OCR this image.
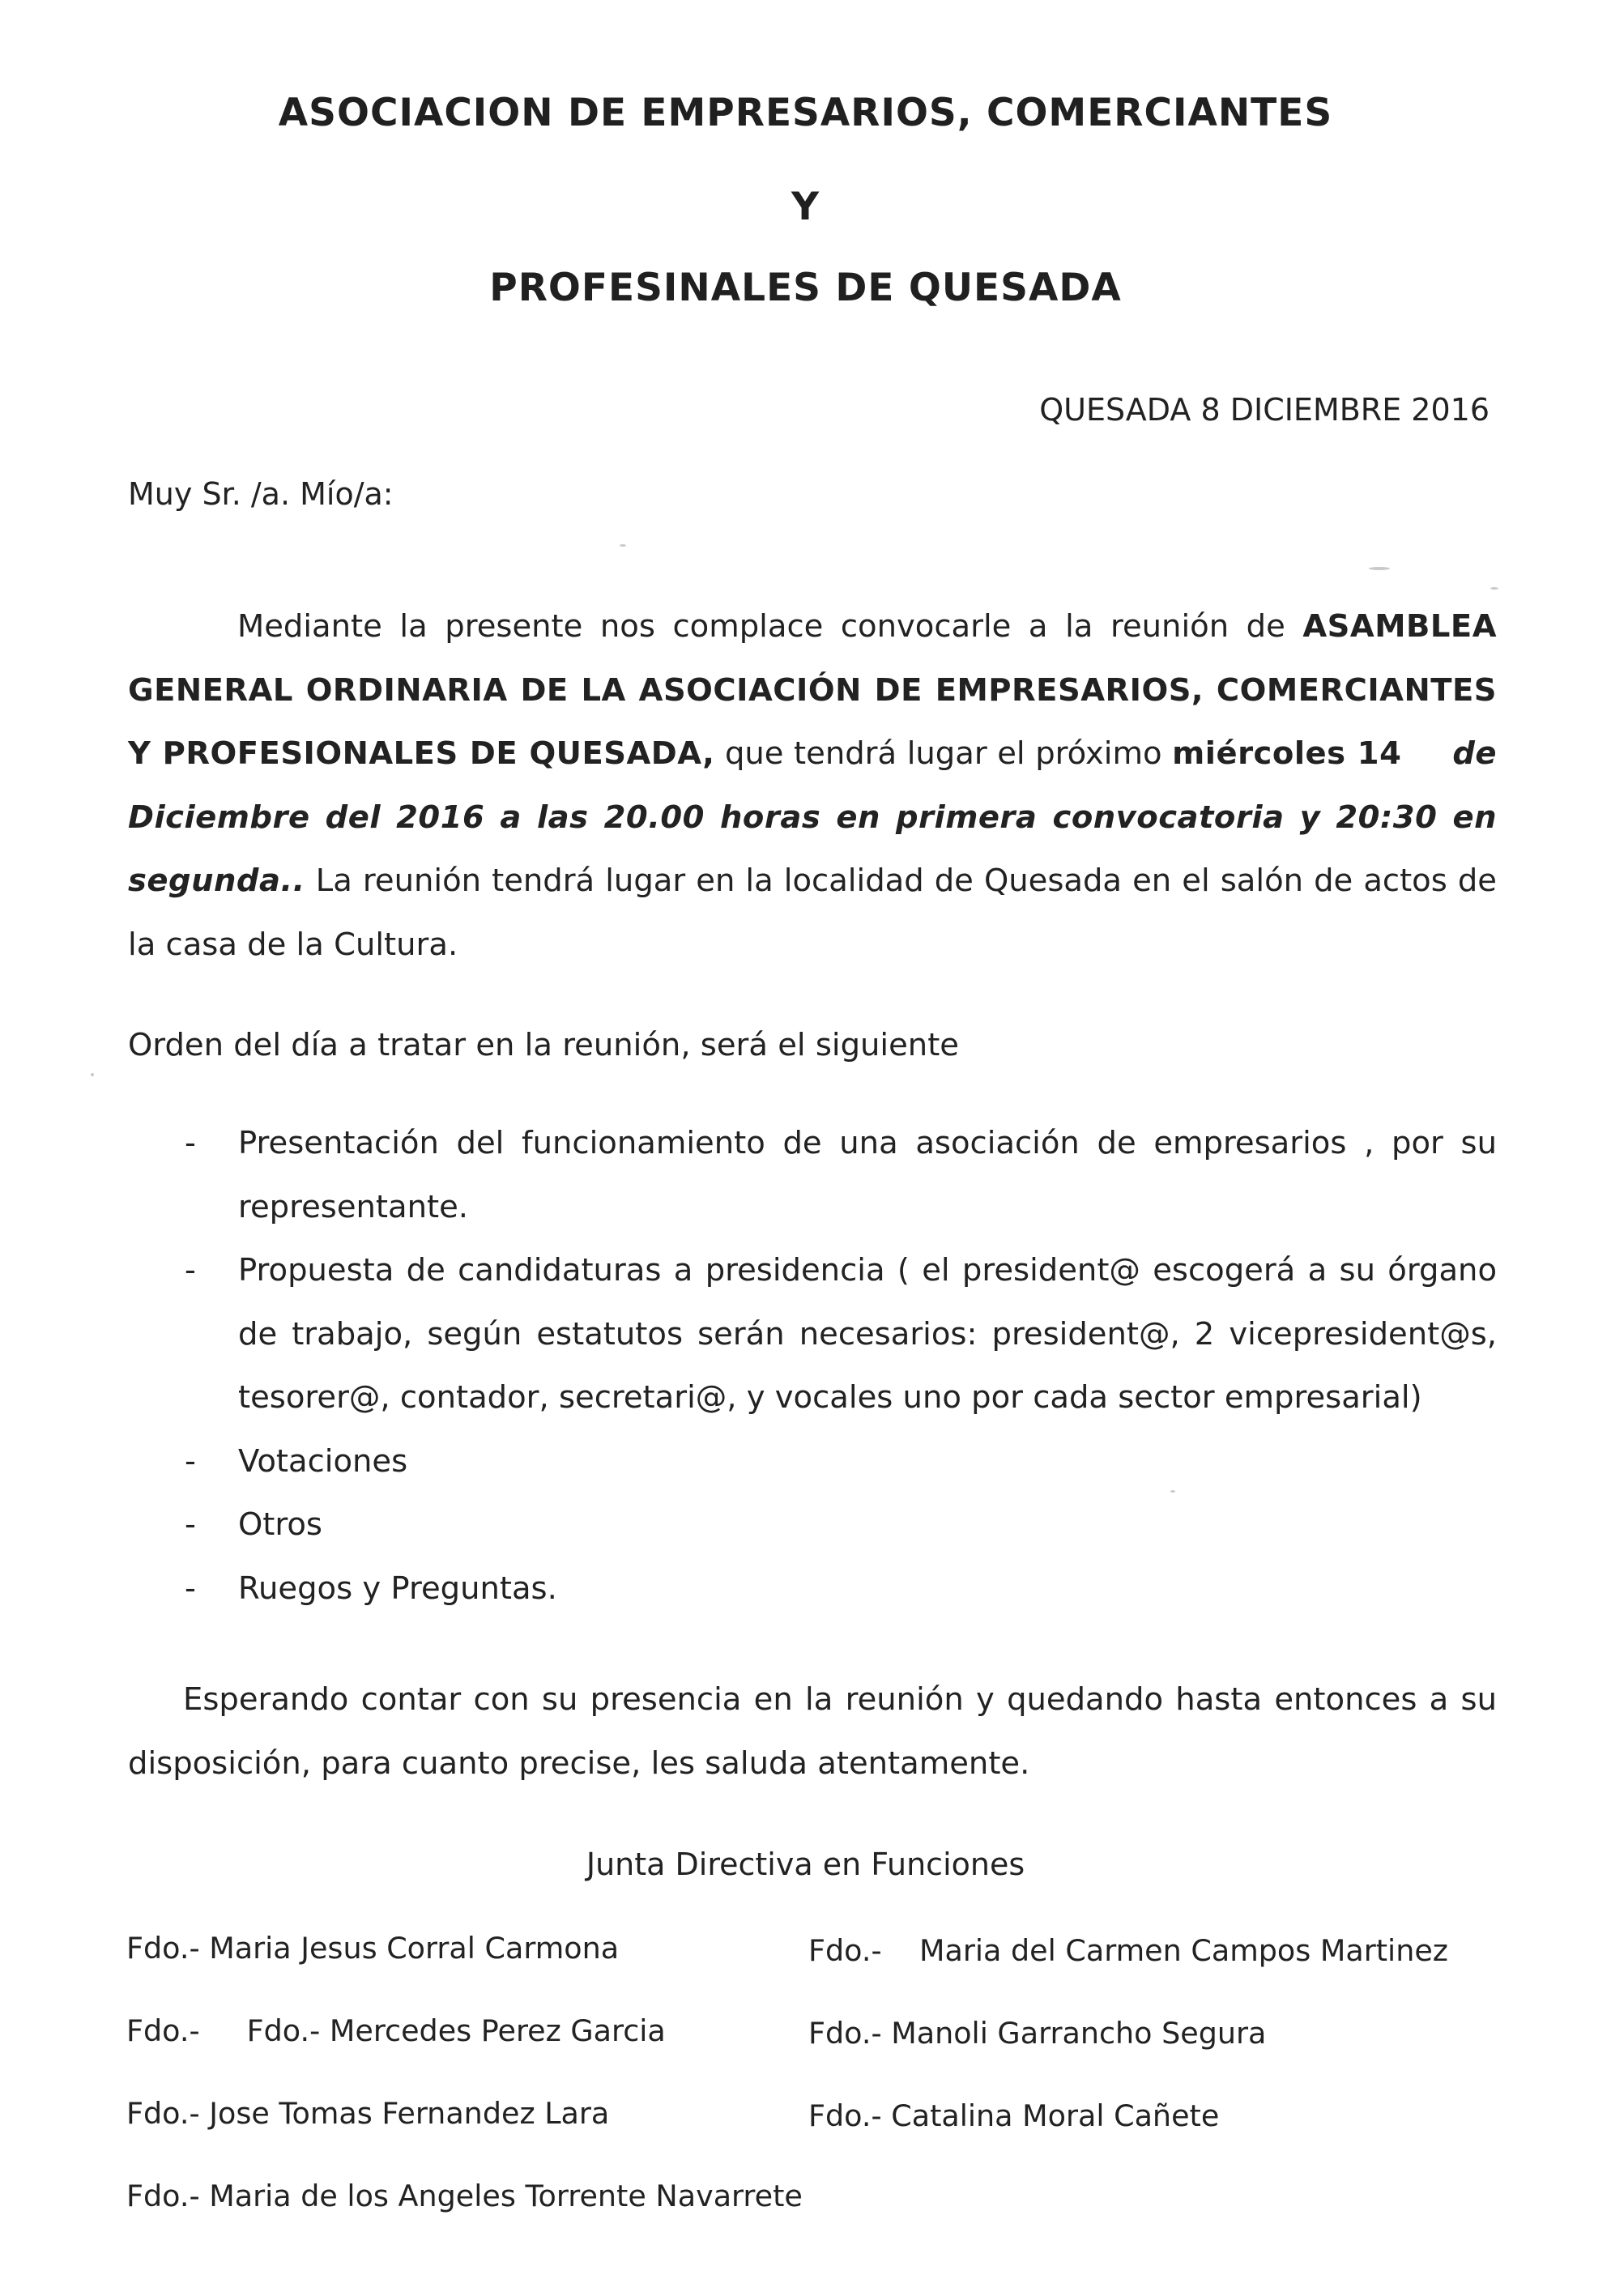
ASOCIACION DE EMPRESARIOS, COMERCIANTES
Y
PROFESINALES DE QUESADA
QUESADA 8 DICIEMBRE 2016
Muy Sr. /a. Mío/a:
Mediante la presente nos complace convocarle a la reunión de ASAMBLEA GENERAL ORDINARIA DE LA ASOCIACIÓN DE EMPRESARIOS, COMERCIANTES Y PROFESIONALES DE QUESADA, que tendrá lugar el próximo miércoles 14 de Diciembre del 2016 a las 20.00 horas en primera convocatoria y 20:30 en segunda.. La reunión tendrá lugar en la localidad de Quesada en el salón de actos de la casa de la Cultura.
Orden del día a tratar en la reunión, será el siguiente
- Presentación del funcionamiento de una asociación de empresarios , por su representante.
- Propuesta de candidaturas a presidencia ( el president@ escogerá a su órgano de trabajo, según estatutos serán necesarios: president@, 2 vicepresident@s, tesorer@, contador, secretari@, y vocales uno por cada sector empresarial)
- Votaciones
- Otros
- Ruegos y Preguntas.
Esperando contar con su presencia en la reunión y quedando hasta entonces a su disposición, para cuanto precise, les saluda atentamente.
Junta Directiva en Funciones
Fdo.- Maria Jesus Corral Carmona	Fdo.-    Maria del Carmen Campos Martinez
Fdo.-     Fdo.- Mercedes Perez Garcia	Fdo.- Manoli Garrancho Segura
Fdo.- Jose Tomas Fernandez Lara	Fdo.- Catalina Moral Cañete
Fdo.- Maria de los Angeles Torrente Navarrete
